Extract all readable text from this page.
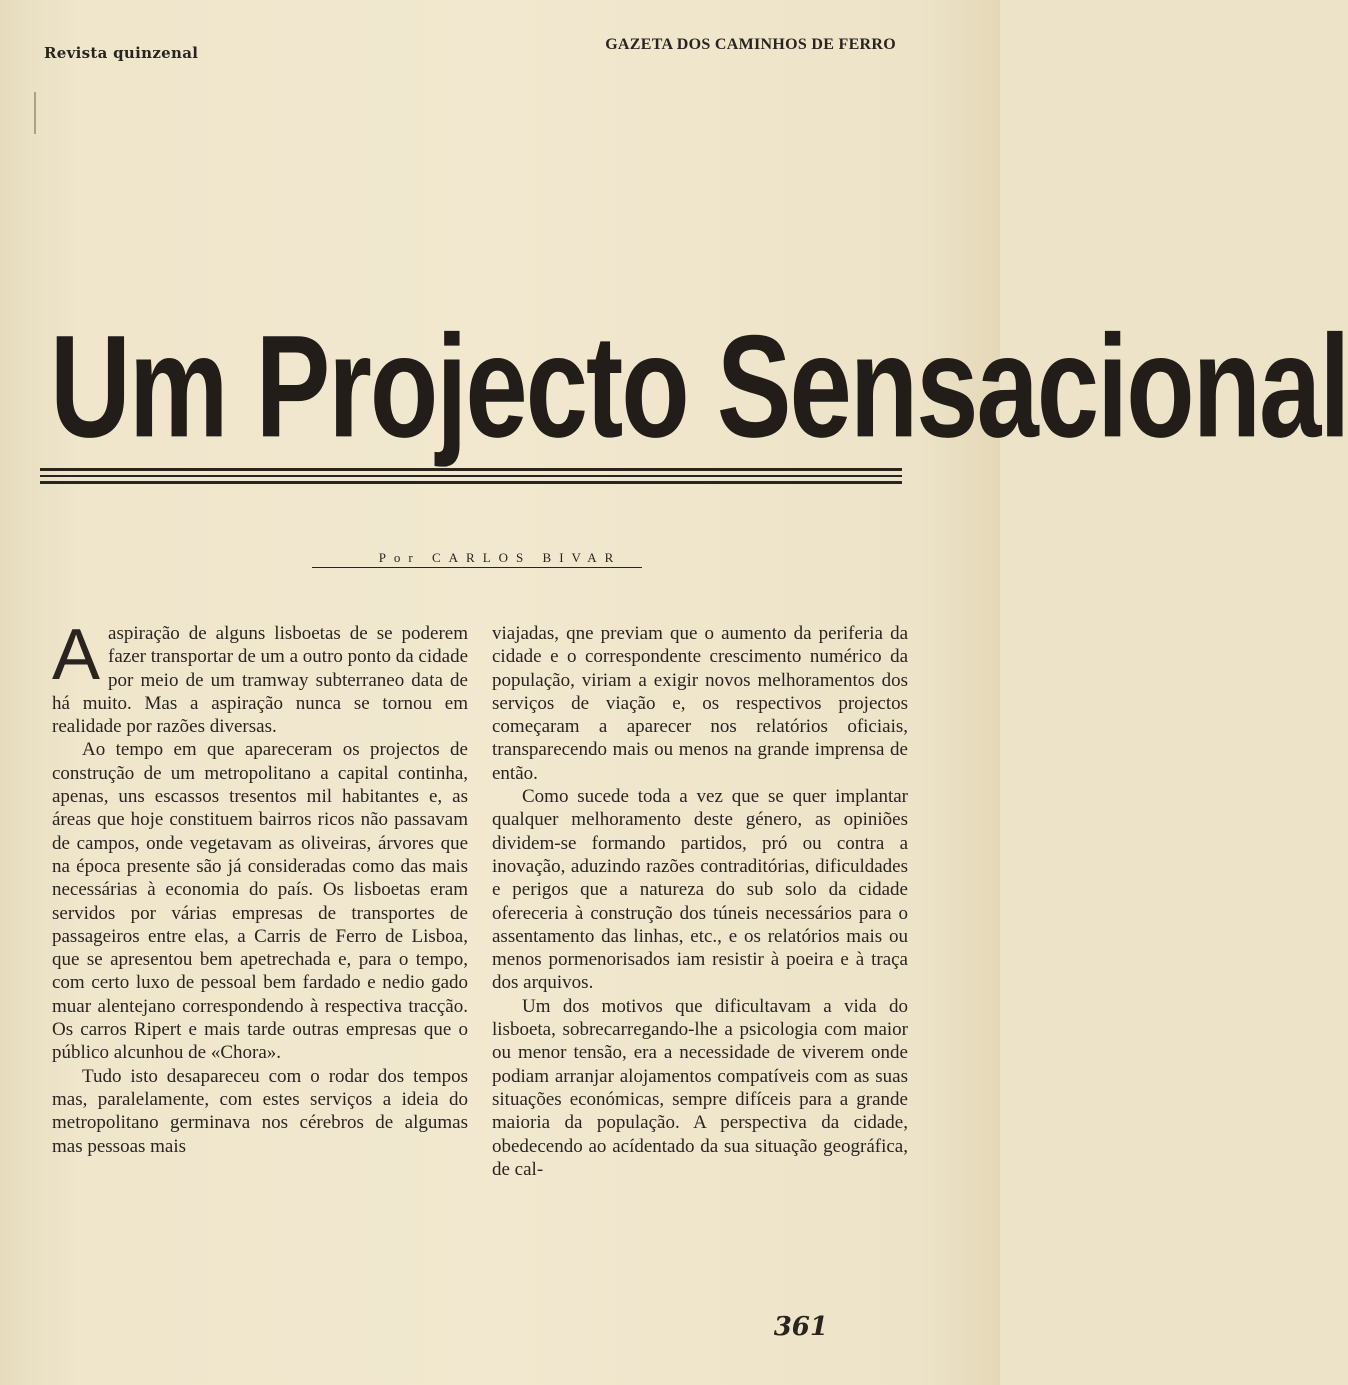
Revista quinzenal	GAZETA DOS CAMINHOS DE FERRO
Um Projecto Sensacional
Por CARLOS BIVAR

A aspiração de alguns lisboetas de se poderem fazer transportar de um a outro ponto da cidade por meio de um tramway subterraneo data de há muito. Mas a aspiração nunca se tornou em realidade por razões diversas.

Ao tempo em que apareceram os projectos de construção de um metropolitano a capital continha, apenas, uns escassos tresentos mil habitantes e, as áreas que hoje constituem bairros ricos não passavam de campos, onde vegetavam as oliveiras, árvores que na época presente são já consideradas como das mais necessárias à economia do país. Os lisboetas eram servidos por várias empresas de transportes de passageiros entre elas, a Carris de Ferro de Lisboa, que se apresentou bem apetrechada e, para o tempo, com certo luxo de pessoal bem fardado e nedio gado muar alentejano correspondendo à respectiva tracção. Os carros Ripert e mais tarde outras empresas que o público alcunhou de «Chora».

Tudo isto desapareceu com o rodar dos tempos mas, paralelamente, com estes serviços a ideia do metropolitano germinava nos cérebros de algumas mas pessoas mais

viajadas, qne previam que o aumento da periferia da cidade e o correspondente crescimento numérico da população, viriam a exigir novos melhoramentos dos serviços de viação e, os respectivos projectos começaram a aparecer nos relatórios oficiais, transparecendo mais ou menos na grande imprensa de então.

Como sucede toda a vez que se quer implantar qualquer melhoramento deste género, as opiniões dividem-se formando partidos, pró ou contra a inovação, aduzindo razões contraditórias, dificuldades e perigos que a natureza do sub solo da cidade ofereceria à construção dos túneis necessários para o assentamento das linhas, etc., e os relatórios mais ou menos pormenorisados iam resistir à poeira e à traça dos arquivos.

Um dos motivos que dificultavam a vida do lisboeta, sobrecarregando-lhe a psicologia com maior ou menor tensão, era a necessidade de viverem onde podiam arranjar alojamentos compatíveis com as suas situações económicas, sempre difíceis para a grande maioria da população. A perspectiva da cidade, obedecendo ao acídentado da sua situação geográfica, de cal-

361
